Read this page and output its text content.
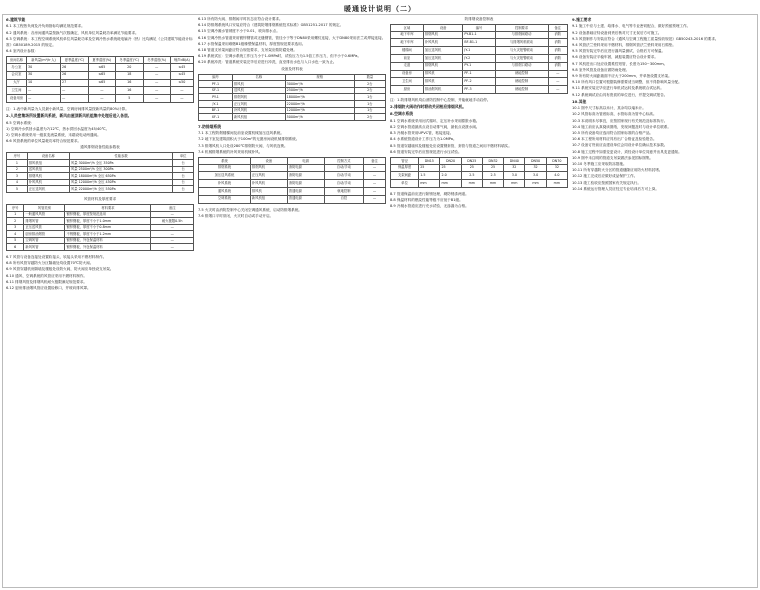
暖通设计说明（二）

6.建筑节能

6.1 本工程热负荷及冷负荷指标均满足规范要求。

6.2 通风系统：各房间通风量按换气次数确定，风机单位风量耗功率满足节能要求。

6.3 空调系统：本工程空调系统风机单位风量耗功率及空调冷热水系统耗电输冷（热）比均满足《公共建筑节能设计标准》GB50189-2015 的规定。

6.4 室内设计参数：

房间名称	新风量(m³/h·人)	夏季温度(℃)	夏季湿度(%)	冬季温度(℃)	冬季湿度(%)	噪声dB(A)
办公室	30	26	≤65	20	—	≤45
会议室	30	26	≤65	18	—	≤45
大厅	10	27	≤65	16	—	≤50
卫生间	—	—	—	16	—	—
设备用房	—	—	—	5	—	—

注：1.表中新风量为人员最小新风量，空调房间排风量按新风量的80%计算。

2.人员密集场所设置新风系统，新风由屋顶新风机组集中处理后送入各层。

6.5 空调水系统：

1) 空调冷水供回水温度为7/12℃，热水供回水温度为45/40℃。

2) 空调水系统采用一级泵变流量系统，末端设电动两通阀。

6.6 风管系统的单位风量耗功率符合规范要求。

通风排烟设备性能参数表

序号	设备名称	性能参数	单位
1	排风机组	风量 3000m³/h 全压 350Pa	台
2	送风机组	风量 2500m³/h 全压 300Pa	台
3	排烟风机	风量 18000m³/h 全压 650Pa	台
4	补风风机	风量 12000m³/h 全压 450Pa	台
5	正压送风机	风量 22000m³/h 全压 550Pa	台

风管材料及厚度要求

序号	风管类别	材料要求	备注
1	一般通风风管	镀锌钢板，厚度按规范选用	—
2	排烟风管	镀锌钢板，厚度不小于1.0mm	耐火极限0.5h
3	正压送风管	镀锌钢板，厚度不小于0.8mm	—
4	厨房排油烟管	不锈钢板，厚度不小于1.2mm	—
5	空调风管	镀锌钢板，外包保温材料	—
6	新风风管	镀锌钢板，外包保温材料	—

6.7 风管与设备连接处设置软接头，软接头采用不燃材料制作。

6.8 所有风管穿越防火分区隔墙处均设置70℃防火阀。

6.9 风管穿越机房隔墙及楼板处设防火阀，防火阀应单独设支吊架。

6.10 通风、空调系统的风管应采用不燃材料制作。

6.11 排烟风管及排烟风机耐火极限满足规范要求。

6.12 厨房排油烟风管应设置检修口，并坡向排风罩。

6.13 所有防火阀、排烟阀平时状态应符合设计要求。

6.14 防排烟系统风口安装应符合《建筑防烟排烟系统技术标准》GB51251-2017 的规定。

6.15 空调冷凝水管坡度不小于0.01，坡向排水点。

6.16 空调冷热水管道采用镀锌钢管或无缝钢管，管径小于等于DN80采用螺纹连接，大于DN80采用法兰或焊接连接。

6.17 水管保温采用难燃B1级橡塑保温材料，厚度按规范要求选用。

6.18 管道支吊架间距应符合规范要求，支吊架应做防腐处理。

6.19 系统试压：空调水系统工作压力小于1.0MPa时，试验压力为1.5倍工作压力，但不小于0.6MPa。

6.20 系统冲洗：管道系统安装完毕后应进行冲洗，直至排出水色与入口水色一致为止。

设备及材料表

编号	名称	规格	数量
PF-1	排风机	3000m³/h	2台
SF-1	送风机	2500m³/h	2台
PY-1	排烟风机	18000m³/h	1台
JY-1	正压风机	22000m³/h	1台
BF-1	补风风机	12000m³/h	1台
XF-1	新风机组	5000m³/h	2台

7.防排烟系统

7.1 本工程防烟楼梯间及前室设置机械加压送风系统。

7.2 地下室及建筑面积大于100m²的无窗房间设机械排烟系统。

7.3 排烟风机入口处设280℃排烟防火阀，与风机连锁。

7.4 机械排烟系统的补风采用机械补风。

系统	设备	电源	控制方式	备注
排烟系统	排烟风机	消防电源	自动/手动	—
加压送风系统	正压风机	消防电源	自动/手动	—
补风系统	补风风机	消防电源	自动/手动	—
通风系统	排风机	普通电源	就地控制	—
空调系统	新风机组	普通电源	自控	—

7.5 火灾时由消防控制中心关闭空调通风系统，启动防排烟系统。

7.6 排烟口平时常闭，火灾时自动或手动开启。

防排烟设备控制表

区域	设备	编号	控制要求	备注
地下车库	排烟风机	PY-B1-1	与排烟阀联动	消防
地下车库	补风风机	BF-B1-1	与排烟风机联动	消防
楼梯间	加压送风机	JY-1	与火灾报警联动	消防
前室	加压送风机	JY-2	与火灾报警联动	消防
走道	排烟风机	PY-1	与排烟口联动	消防
设备房	排风机	PF-1	就地控制	—
卫生间	排风机	PF-2	就地控制	—
厨房	排油烟风机	PF-3	就地控制	—

注：1.防排烟风机均由消防控制中心控制，并能就地手动启停。

2.排烟防火阀动作时联动关闭相应排烟风机。

8.空调水系统

8.1 空调水系统采用闭式循环，定压补水采用膨胀水箱。

8.2 空调水管道最高点设自动排气阀，最低点设泄水阀。

8.3 冷凝水管采用UPVC管，粘接连接。

8.4 水系统管道设计工作压力为1.0MPa。

8.5 管道穿越墙体及楼板处应设置钢套管，套管与管道之间用不燃材料填实。

8.6 管道安装完毕后应按规范进行水压试验。

管径	DN15	DN20	DN25	DN32	DN40	DN50	DN70
保温厚度	25	25	25	25	32	32	32
支架间距	1.5	2.0	2.5	2.5	3.0	3.0	4.0
单位	mm	mm	mm	mm	mm	mm	mm

8.7 管道保温前应进行除锈处理，刷防锈漆两道。

8.8 保温材料的燃烧性能等级不应低于B1级。

8.9 冷凝水管道应进行充水试验，无渗漏为合格。

9.施工要求

9.1 施工中应与土建、给排水、电气等专业密切配合，做好预留预埋工作。

9.2 设备基础应待设备到货后核对尺寸无误后方可施工。

9.3 风管制作与安装应符合《通风与空调工程施工质量验收规范》GB50243-2016 的要求。

9.4 风管法兰垫料采用不燃材料，排烟风管法兰垫料采用石棉垫。

9.5 风管安装完毕后应进行漏风量测试，合格后方可保温。

9.6 设备安装应平稳牢固，减振装置应符合设计要求。

9.7 风机进出口处应设置柔性短管，长度为150~300mm。

9.8 室外风管及设备应做防雨处理。

9.9 所有防火阀距墙面不应大于200mm，并单独设置支吊架。

9.10 所有风口位置可根据装修需要适当调整，但不得影响风量分配。

9.11 系统安装完毕应进行单机试运转及系统联合试运转。

9.12 系统调试应由具有资质的单位进行，并提交调试报告。

10.其他

10.1 图中尺寸标高以米计，其余均以毫米计。

10.2 风管标高为管底标高，水管标高为管中心标高。

10.3 本说明未尽事宜，应按国家现行有关规范及标准执行。

10.4 施工前应认真阅读图纸，发现问题及时与设计单位联系。

10.5 所有设备均应选用符合国家标准的合格产品。

10.6 本工程所用材料应具有出厂合格证及检验报告。

10.7 设备订货前应由建设单位会同设计单位确认技术参数。

10.8 施工过程中如需变更设计，须经设计单位同意并出具变更通知。

10.9 图中未注明的管道支吊架做法参见国标图集。

10.10 冬季施工应采取防冻措施。

10.11 所有穿越防火分区的管道缝隙应用防火材料封堵。

10.12 施工完成后应做好成品保护工作。

10.13 竣工验收应按照国家有关规定执行。

10.14 系统运行管理人员应经过专业培训后方可上岗。
